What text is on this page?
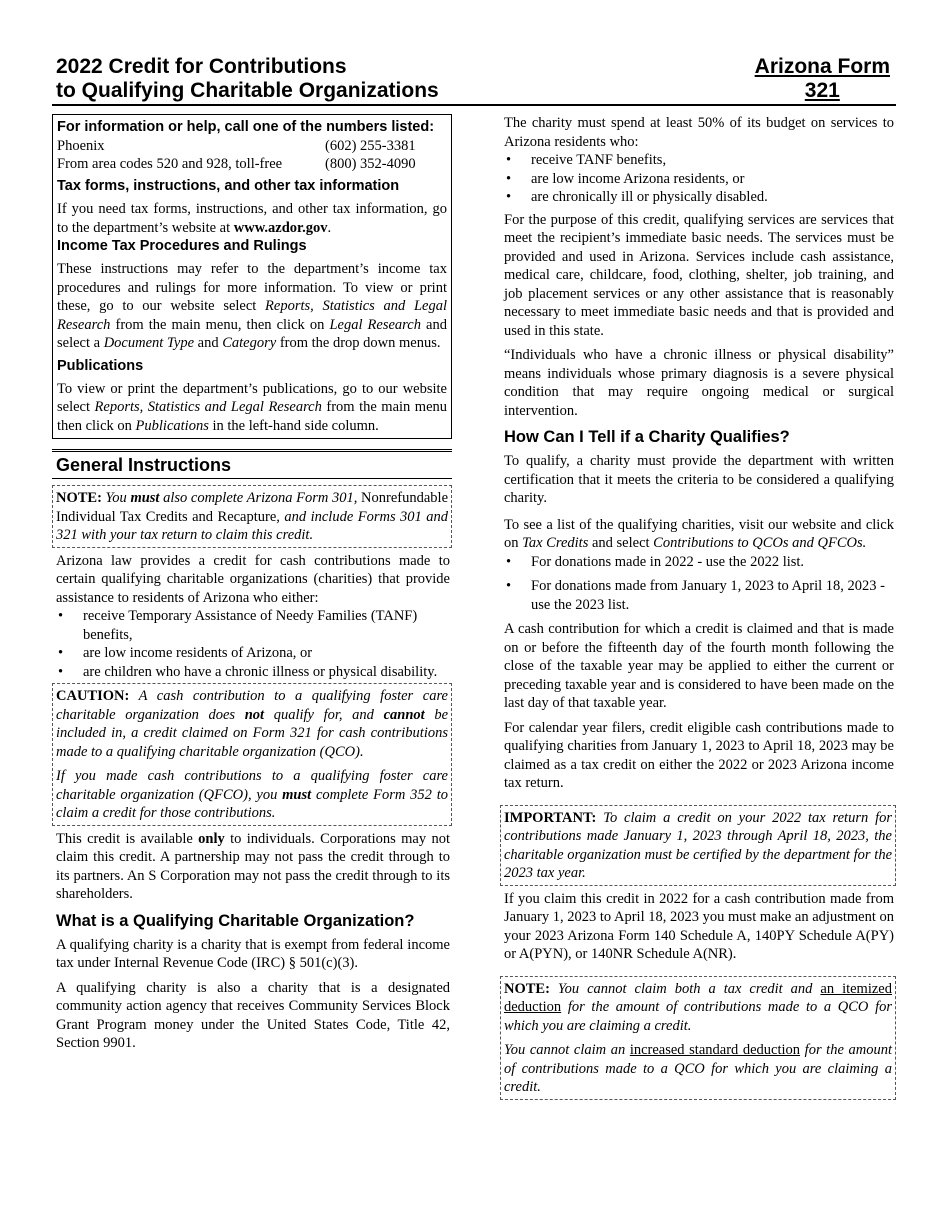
2022 Credit for Contributions
to Qualifying Charitable Organizations
Arizona Form
321
For information or help, call one of the numbers listed:
Phoenix	(602) 255-3381
From area codes 520 and 928, toll-free	(800) 352-4090
Tax forms, instructions, and other tax information

If you need tax forms, instructions, and other tax information, go to the department’s website at www.azdor.gov.

Income Tax Procedures and Rulings

These instructions may refer to the department’s income tax procedures and rulings for more information. To view or print these, go to our website select Reports, Statistics and Legal Research from the main menu, then click on Legal Research and select a Document Type and Category from the drop down menus.

Publications

To view or print the department’s publications, go to our website select Reports, Statistics and Legal Research from the main menu then click on Publications in the left-hand side column.

General Instructions

NOTE: You must also complete Arizona Form 301, Nonrefundable Individual Tax Credits and Recapture, and include Forms 301 and 321 with your tax return to claim this credit.

Arizona law provides a credit for cash contributions made to certain qualifying charitable organizations (charities) that provide assistance to residents of Arizona who either:

• receive Temporary Assistance of Needy Families (TANF) benefits,
• are low income residents of Arizona, or
• are children who have a chronic illness or physical disability.

CAUTION: A cash contribution to a qualifying foster care charitable organization does not qualify for, and cannot be included in, a credit claimed on Form 321 for cash contributions made to a qualifying charitable organization (QCO).

If you made cash contributions to a qualifying foster care charitable organization (QFCO), you must complete Form 352 to claim a credit for those contributions.

This credit is available only to individuals. Corporations may not claim this credit. A partnership may not pass the credit through to its partners. An S Corporation may not pass the credit through to its shareholders.

What is a Qualifying Charitable Organization?

A qualifying charity is a charity that is exempt from federal income tax under Internal Revenue Code (IRC) § 501(c)(3).

A qualifying charity is also a charity that is a designated community action agency that receives Community Services Block Grant Program money under the United States Code, Title 42, Section 9901.

The charity must spend at least 50% of its budget on services to Arizona residents who:

• receive TANF benefits,
• are low income Arizona residents, or
• are chronically ill or physically disabled.

For the purpose of this credit, qualifying services are services that meet the recipient’s immediate basic needs. The services must be provided and used in Arizona. Services include cash assistance, medical care, childcare, food, clothing, shelter, job training, and job placement services or any other assistance that is reasonably necessary to meet immediate basic needs and that is provided and used in this state.

“Individuals who have a chronic illness or physical disability” means individuals whose primary diagnosis is a severe physical condition that may require ongoing medical or surgical intervention.

How Can I Tell if a Charity Qualifies?

To qualify, a charity must provide the department with written certification that it meets the criteria to be considered a qualifying charity.

To see a list of the qualifying charities, visit our website and click on Tax Credits and select Contributions to QCOs and QFCOs.

• For donations made in 2022 - use the 2022 list.
• For donations made from January 1, 2023 to April 18, 2023 - use the 2023 list.

A cash contribution for which a credit is claimed and that is made on or before the fifteenth day of the fourth month following the close of the taxable year may be applied to either the current or preceding taxable year and is considered to have been made on the last day of that taxable year.

For calendar year filers, credit eligible cash contributions made to qualifying charities from January 1, 2023 to April 18, 2023 may be claimed as a tax credit on either the 2022 or 2023 Arizona income tax return.

IMPORTANT: To claim a credit on your 2022 tax return for contributions made January 1, 2023 through April 18, 2023, the charitable organization must be certified by the department for the 2023 tax year.

If you claim this credit in 2022 for a cash contribution made from January 1, 2023 to April 18, 2023 you must make an adjustment on your 2023 Arizona Form 140 Schedule A, 140PY Schedule A(PY) or A(PYN), or 140NR Schedule A(NR).

NOTE: You cannot claim both a tax credit and an itemized deduction for the amount of contributions made to a QCO for which you are claiming a credit.

You cannot claim an increased standard deduction for the amount of contributions made to a QCO for which you are claiming a credit.
